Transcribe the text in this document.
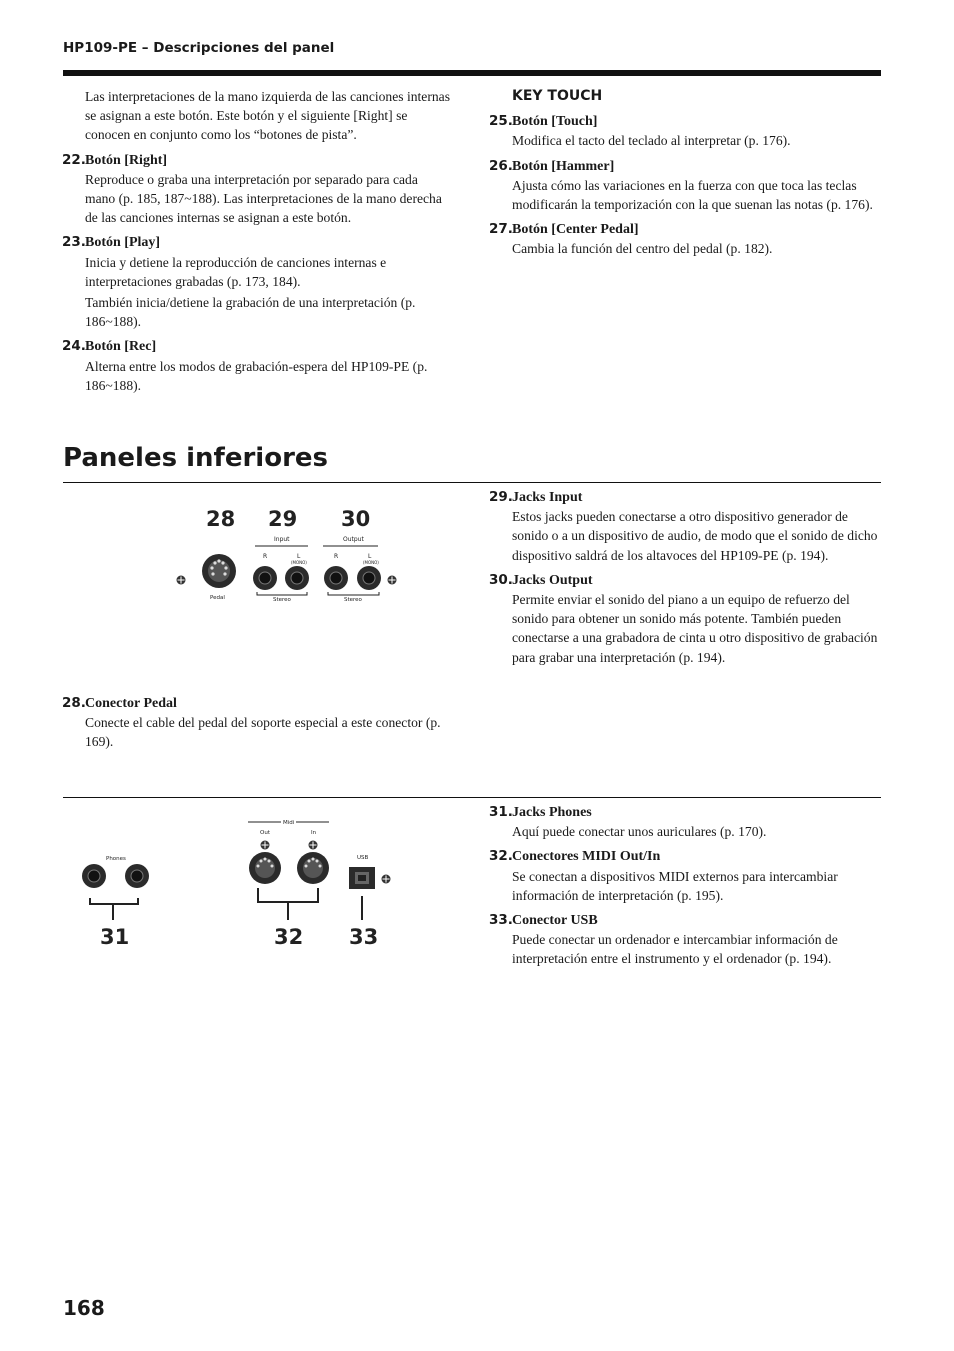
HP109-PE – Descripciones del panel

Las interpretaciones de la mano izquierda de las canciones internas se asignan a este botón. Este botón y el siguiente [Right] se conocen en conjunto como los “botones de pista”.

22. Botón [Right]

Reproduce o graba una interpretación por separado para cada mano (p. 185, 187~188). Las interpretaciones de la mano derecha de las canciones internas se asignan a este botón.

23. Botón [Play]

Inicia y detiene la reproducción de canciones internas e interpretaciones grabadas (p. 173, 184).

También inicia/detiene la grabación de una interpretación (p. 186~188).

24. Botón [Rec]

Alterna entre los modos de grabación-espera del HP109-PE (p. 186~188).

KEY TOUCH
25. Botón [Touch]

Modifica el tacto del teclado al interpretar (p. 176).

26. Botón [Hammer]

Ajusta cómo las variaciones en la fuerza con que toca las teclas modificarán la temporización con la que suenan las notas (p. 176).

27. Botón [Center Pedal]

Cambia la función del centro del pedal (p. 182).

Paneles inferiores
28 29 30
Input	Output
R	L	R	L
(MONO)	(MONO)
Pedal	Stereo	Stereo
28. Conector Pedal

Conecte el cable del pedal del soporte especial a este conector (p. 169).

29. Jacks Input

Estos jacks pueden conectarse a otro dispositivo generador de sonido o a un dispositivo de audio, de modo que el sonido de dicho dispositivo saldrá de los altavoces del HP109-PE (p. 194).

30. Jacks Output

Permite enviar el sonido del piano a un equipo de refuerzo del sonido para obtener un sonido más potente. También pueden conectarse a una grabadora de cinta u otro dispositivo de grabación para grabar una interpretación (p. 194).

Midi
Out	In
Phones	USB
31	32 33
31. Jacks Phones

Aquí puede conectar unos auriculares (p. 170).

32. Conectores MIDI Out/In

Se conectan a dispositivos MIDI externos para intercambiar información de interpretación (p. 195).

33. Conector USB

Puede conectar un ordenador e intercambiar información de interpretación entre el instrumento y el ordenador (p. 194).

168
